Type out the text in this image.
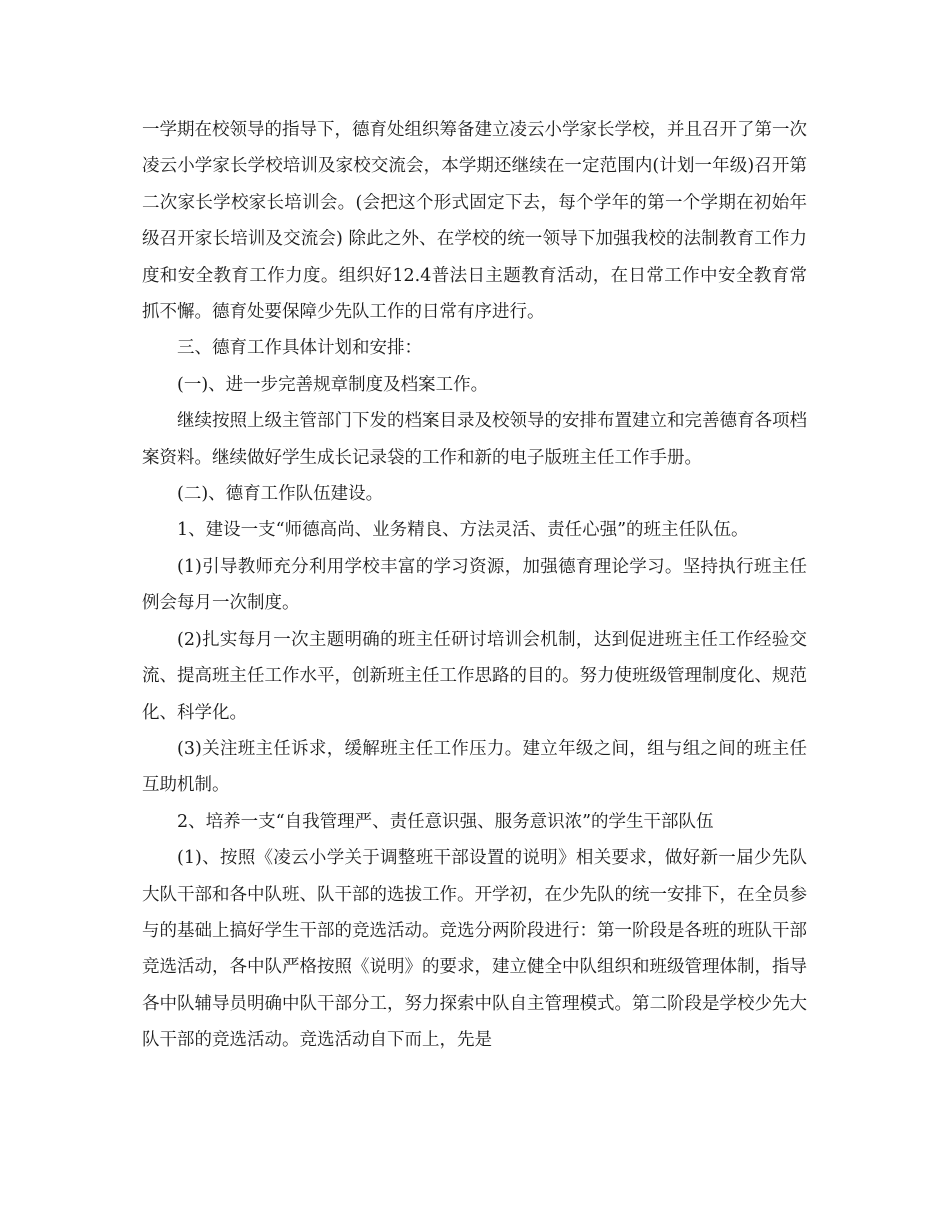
一学期在校领导的指导下，德育处组织筹备建立凌云小学家长学校，并且召开了第一次凌云小学家长学校培训及家校交流会，本学期还继续在一定范围内(计划一年级)召开第二次家长学校家长培训会。(会把这个形式固定下去，每个学年的第一个学期在初始年级召开家长培训及交流会) 除此之外、在学校的统一领导下加强我校的法制教育工作力度和安全教育工作力度。组织好12.4普法日主题教育活动，在日常工作中安全教育常抓不懈。德育处要保障少先队工作的日常有序进行。

三、德育工作具体计划和安排：

(一)、进一步完善规章制度及档案工作。

继续按照上级主管部门下发的档案目录及校领导的安排布置建立和完善德育各项档案资料。继续做好学生成长记录袋的工作和新的电子版班主任工作手册。

(二)、德育工作队伍建设。

1、建设一支“师德高尚、业务精良、方法灵活、责任心强”的班主任队伍。

(1)引导教师充分利用学校丰富的学习资源，加强德育理论学习。坚持执行班主任例会每月一次制度。

(2)扎实每月一次主题明确的班主任研讨培训会机制，达到促进班主任工作经验交流、提高班主任工作水平，创新班主任工作思路的目的。努力使班级管理制度化、规范化、科学化。

(3)关注班主任诉求，缓解班主任工作压力。建立年级之间，组与组之间的班主任互助机制。

2、培养一支“自我管理严、责任意识强、服务意识浓”的学生干部队伍

(1)、按照《凌云小学关于调整班干部设置的说明》相关要求，做好新一届少先队大队干部和各中队班、队干部的选拔工作。开学初，在少先队的统一安排下，在全员参与的基础上搞好学生干部的竞选活动。竞选分两阶段进行：第一阶段是各班的班队干部竞选活动，各中队严格按照《说明》的要求，建立健全中队组织和班级管理体制，指导各中队辅导员明确中队干部分工，努力探索中队自主管理模式。第二阶段是学校少先大队干部的竞选活动。竞选活动自下而上，先是
